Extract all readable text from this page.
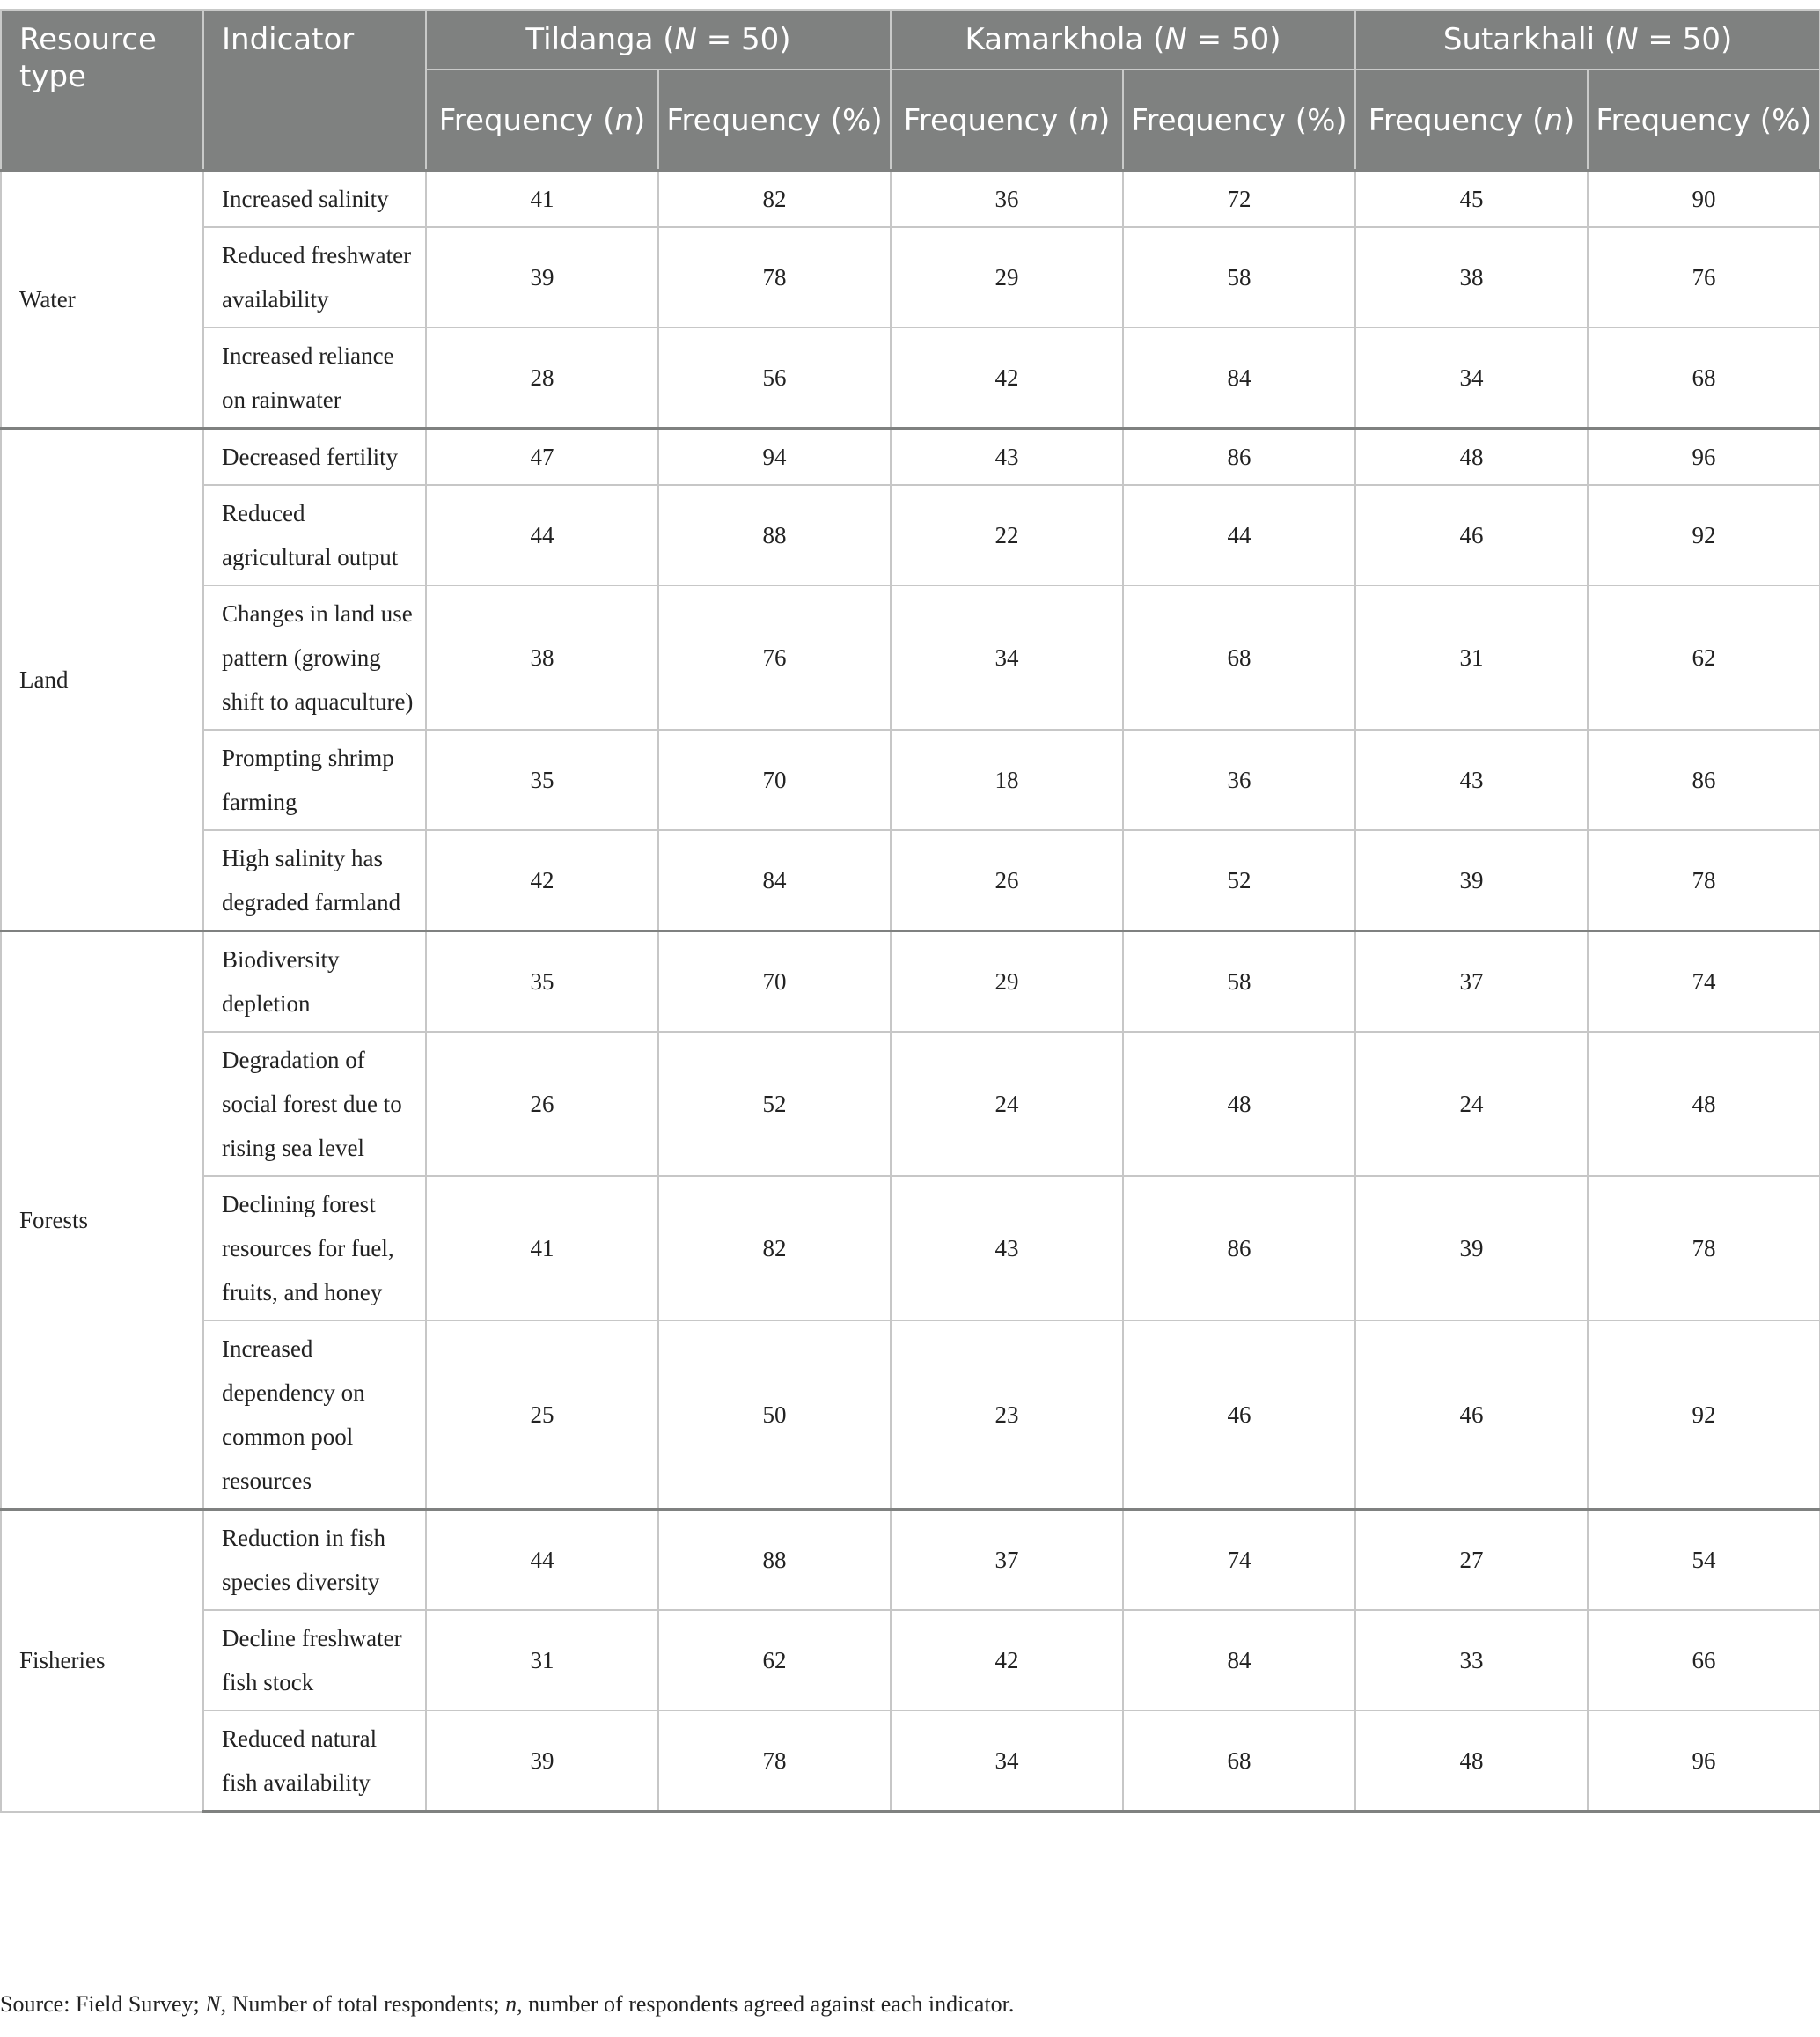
Resource type	Indicator	Tildanga (N = 50)		Kamarkhola (N = 50)		Sutarkhali (N = 50)	
		Frequency (n)	Frequency (%)	Frequency (n)	Frequency (%)	Frequency (n)	Frequency (%)
Water	Increased salinity	41	82	36	72	45	90
	Reduced freshwater availability	39	78	29	58	38	76
	Increased reliance on rainwater	28	56	42	84	34	68
Land	Decreased fertility	47	94	43	86	48	96
	Reduced agricultural output	44	88	22	44	46	92
	Changes in land use pattern (growing shift to aquaculture)	38	76	34	68	31	62
	Prompting shrimp farming	35	70	18	36	43	86
	High salinity has degraded farmland	42	84	26	52	39	78
Forests	Biodiversity depletion	35	70	29	58	37	74
	Degradation of social forest due to rising sea level	26	52	24	48	24	48
	Declining forest resources for fuel, fruits, and honey	41	82	43	86	39	78
	Increased dependency on common pool resources	25	50	23	46	46	92
Fisheries	Reduction in fish species diversity	44	88	37	74	27	54
	Decline freshwater fish stock	31	62	42	84	33	66
	Reduced natural fish availability	39	78	34	68	48	96
Source: Field Survey; N, Number of total respondents; n, number of respondents agreed against each indicator.
